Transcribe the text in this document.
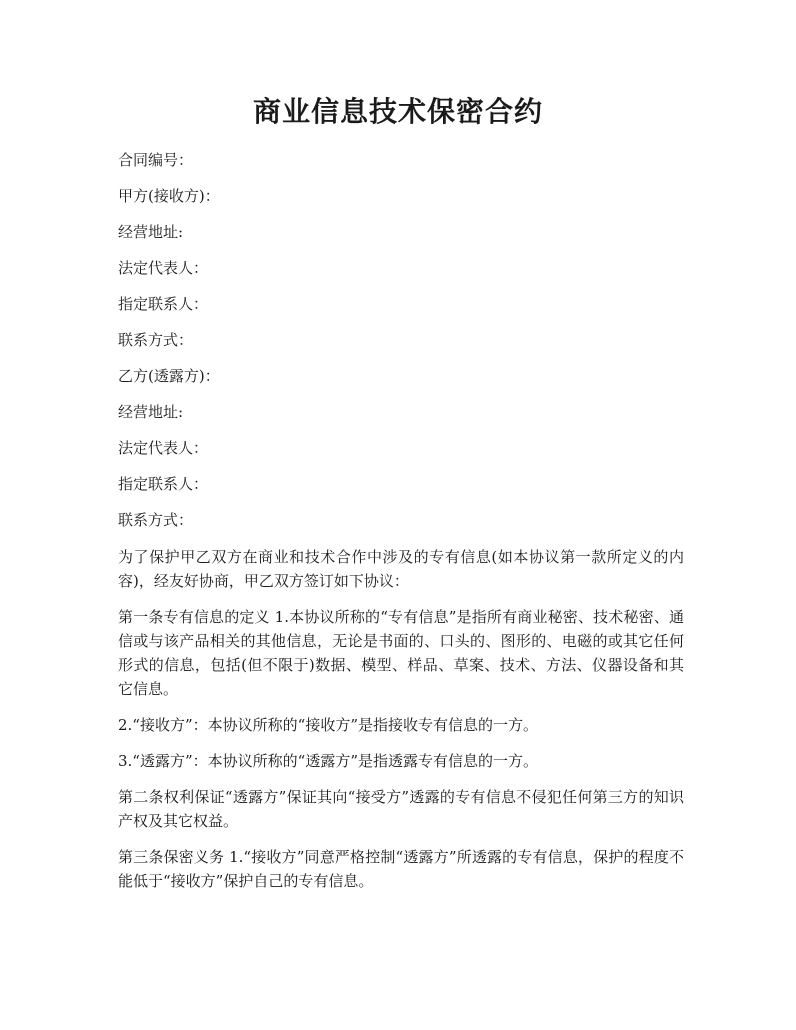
商业信息技术保密合约
合同编号：
甲方(接收方)：
经营地址:
法定代表人：
指定联系人：
联系方式：
乙方(透露方)：
经营地址:
法定代表人：
指定联系人：
联系方式：

为了保护甲乙双方在商业和技术合作中涉及的专有信息(如本协议第一款所定义的内容)，经友好协商，甲乙双方签订如下协议：

第一条专有信息的定义 1.本协议所称的“专有信息”是指所有商业秘密、技术秘密、通信或与该产品相关的其他信息，无论是书面的、口头的、图形的、电磁的或其它任何形式的信息，包括(但不限于)数据、模型、样品、草案、技术、方法、仪器设备和其它信息。

2.“接收方”：本协议所称的“接收方”是指接收专有信息的一方。

3.“透露方”：本协议所称的“透露方”是指透露专有信息的一方。

第二条权利保证“透露方”保证其向“接受方”透露的专有信息不侵犯任何第三方的知识产权及其它权益。

第三条保密义务 1.“接收方”同意严格控制“透露方”所透露的专有信息，保护的程度不能低于“接收方”保护自己的专有信息。
